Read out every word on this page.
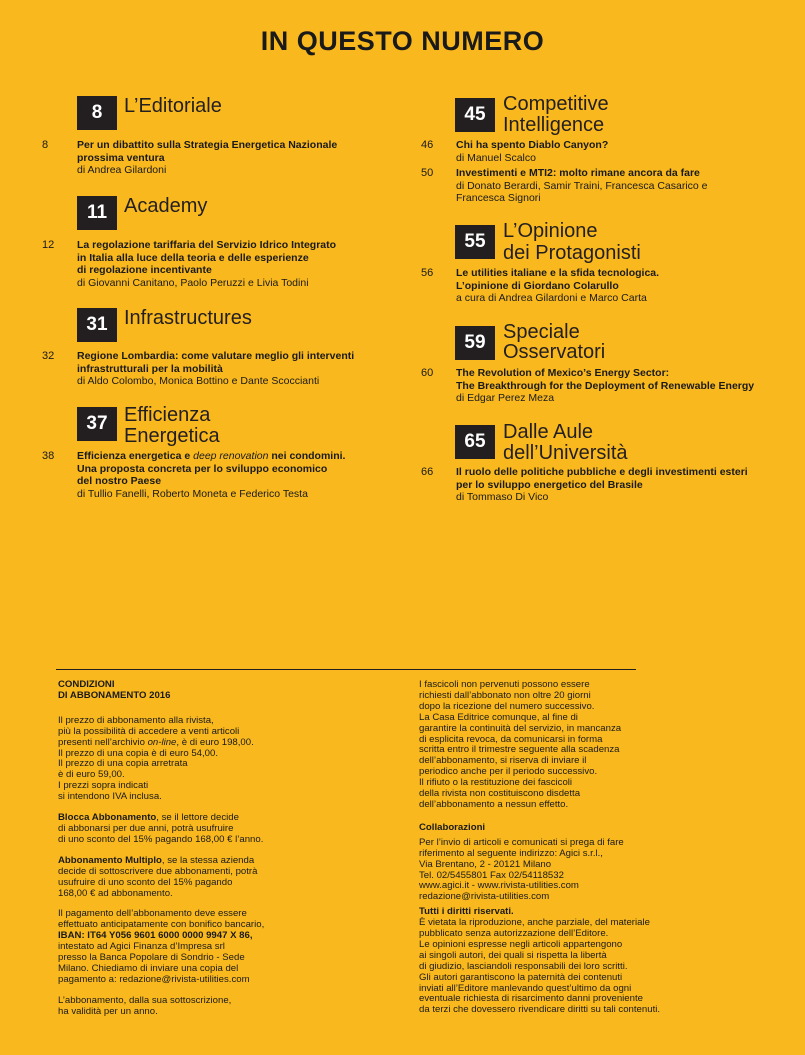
IN QUESTO NUMERO
8	L’Editoriale
8	Per un dibattito sulla Strategia Energetica Nazionale
prossima ventura
di Andrea Gilardoni
11 Academy
12 La regolazione tariffaria del Servizio Idrico Integrato
in Italia alla luce della teoria e delle esperienze
di regolazione incentivante
di Giovanni Canitano, Paolo Peruzzi e Livia Todini
31 Infrastructures
32 Regione Lombardia: come valutare meglio gli interventi
infrastrutturali per la mobilità
di Aldo Colombo, Monica Bottino e Dante Scoccianti
37 Efficienza
Energetica
38 Efficienza energetica e deep renovation nei condomini.
Una proposta concreta per lo sviluppo economico
del nostro Paese
di Tullio Fanelli, Roberto Moneta e Federico Testa
45 Competitive
Intelligence
46 Chi ha spento Diablo Canyon?
di Manuel Scalco
50 Investimenti e MTI2: molto rimane ancora da fare
di Donato Berardi, Samir Traini, Francesca Casarico e
Francesca Signori
55 L’Opinione
dei Protagonisti
56 Le utilities italiane e la sfida tecnologica.
L’opinione di Giordano Colarullo
a cura di Andrea Gilardoni e Marco Carta
59 Speciale
Osservatori
60 The Revolution of Mexico’s Energy Sector:
The Breakthrough for the Deployment of Renewable Energy
di Edgar Perez Meza
65 Dalle Aule
dell’Università
66 Il ruolo delle politiche pubbliche e degli investimenti esteri
per lo sviluppo energetico del Brasile
di Tommaso Di Vico

CONDIZIONI
DI ABBONAMENTO 2016

Il prezzo di abbonamento alla rivista,
più la possibilità di accedere a venti articoli
presenti nell’archivio on-line, è di euro 198,00.
Il prezzo di una copia è di euro 54,00.
Il prezzo di una copia arretrata
è di euro 59,00.
I prezzi sopra indicati
si intendono IVA inclusa.

Blocca Abbonamento, se il lettore decide
di abbonarsi per due anni, potrà usufruire
di uno sconto del 15% pagando 168,00 € l’anno.

Abbonamento Multiplo, se la stessa azienda
decide di sottoscrivere due abbonamenti, potrà
usufruire di uno sconto del 15% pagando
168,00 € ad abbonamento.

Il pagamento dell’abbonamento deve essere
effettuato anticipatamente con bonifico bancario,
IBAN: IT64 Y056 9601 6000 0000 9947 X 86,
intestato ad Agici Finanza d’Impresa srl
presso la Banca Popolare di Sondrio - Sede
Milano. Chiediamo di inviare una copia del
pagamento a: redazione@rivista-utilities.com

L’abbonamento, dalla sua sottoscrizione,
ha validità per un anno.

I fascicoli non pervenuti possono essere
richiesti dall’abbonato non oltre 20 giorni
dopo la ricezione del numero successivo.
La Casa Editrice comunque, al fine di
garantire la continuità del servizio, in mancanza
di esplicita revoca, da comunicarsi in forma
scritta entro il trimestre seguente alla scadenza
dell’abbonamento, si riserva di inviare il
periodico anche per il periodo successivo.
Il rifiuto o la restituzione dei fascicoli
della rivista non costituiscono disdetta
dell’abbonamento a nessun effetto.

Collaborazioni

Per l’invio di articoli e comunicati si prega di fare
riferimento al seguente indirizzo: Agici s.r.l.,
Via Brentano, 2 - 20121 Milano
Tel. 02/5455801 Fax 02/54118532
www.agici.it - www.rivista-utilities.com
redazione@rivista-utilities.com

Tutti i diritti riservati.

È vietata la riproduzione, anche parziale, del materiale
pubblicato senza autorizzazione dell’Editore.
Le opinioni espresse negli articoli appartengono
ai singoli autori, dei quali si rispetta la libertà
di giudizio, lasciandoli responsabili dei loro scritti.
Gli autori garantiscono la paternità dei contenuti
inviati all’Editore manlevando quest’ultimo da ogni
eventuale richiesta di risarcimento danni proveniente
da terzi che dovessero rivendicare diritti su tali contenuti.
